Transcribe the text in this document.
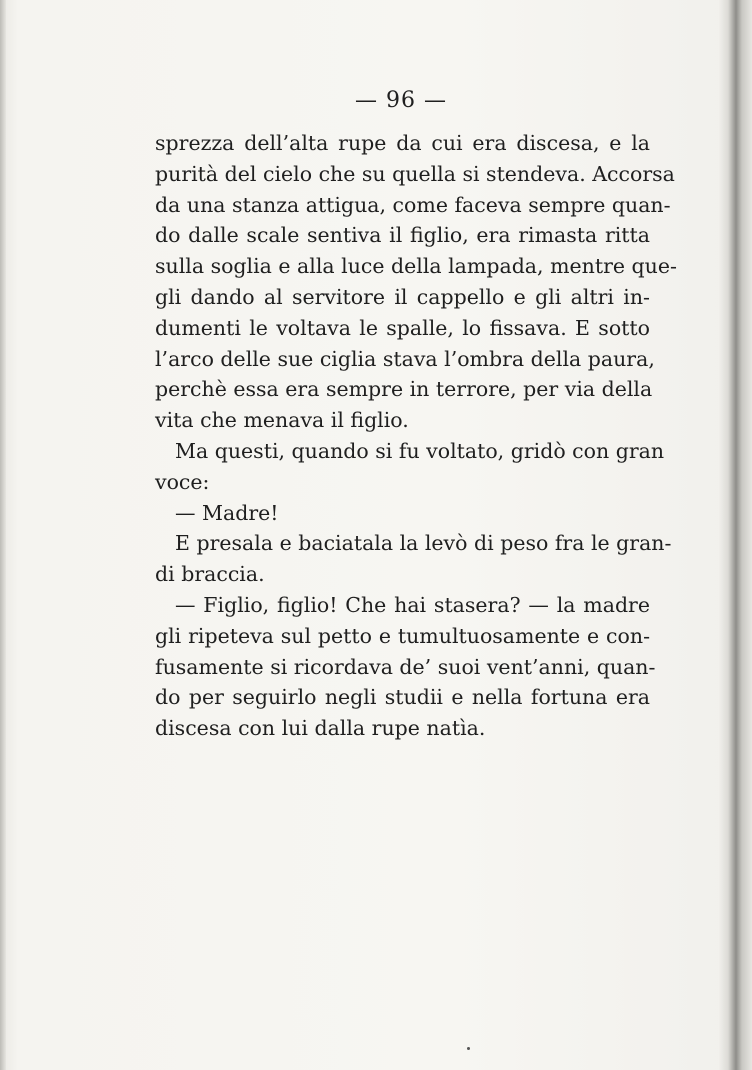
— 96 —
sprezza dell’alta rupe da cui era discesa, e la
purità del cielo che su quella si stendeva. Accorsa
da una stanza attigua, come faceva sempre quan-
do dalle scale sentiva il figlio, era rimasta ritta
sulla soglia e alla luce della lampada, mentre que-
gli dando al servitore il cappello e gli altri in-
dumenti le voltava le spalle, lo fissava. E sotto
l’arco delle sue ciglia stava l’ombra della paura,
perchè essa era sempre in terrore, per via della
vita che menava il figlio.
Ma questi, quando si fu voltato, gridò con gran
voce:
— Madre!
E presala e baciatala la levò di peso fra le gran-
di braccia.
— Figlio, figlio! Che hai stasera? — la madre
gli ripeteva sul petto e tumultuosamente e con-
fusamente si ricordava de’ suoi vent’anni, quan-
do per seguirlo negli studii e nella fortuna era
discesa con lui dalla rupe natìa.
